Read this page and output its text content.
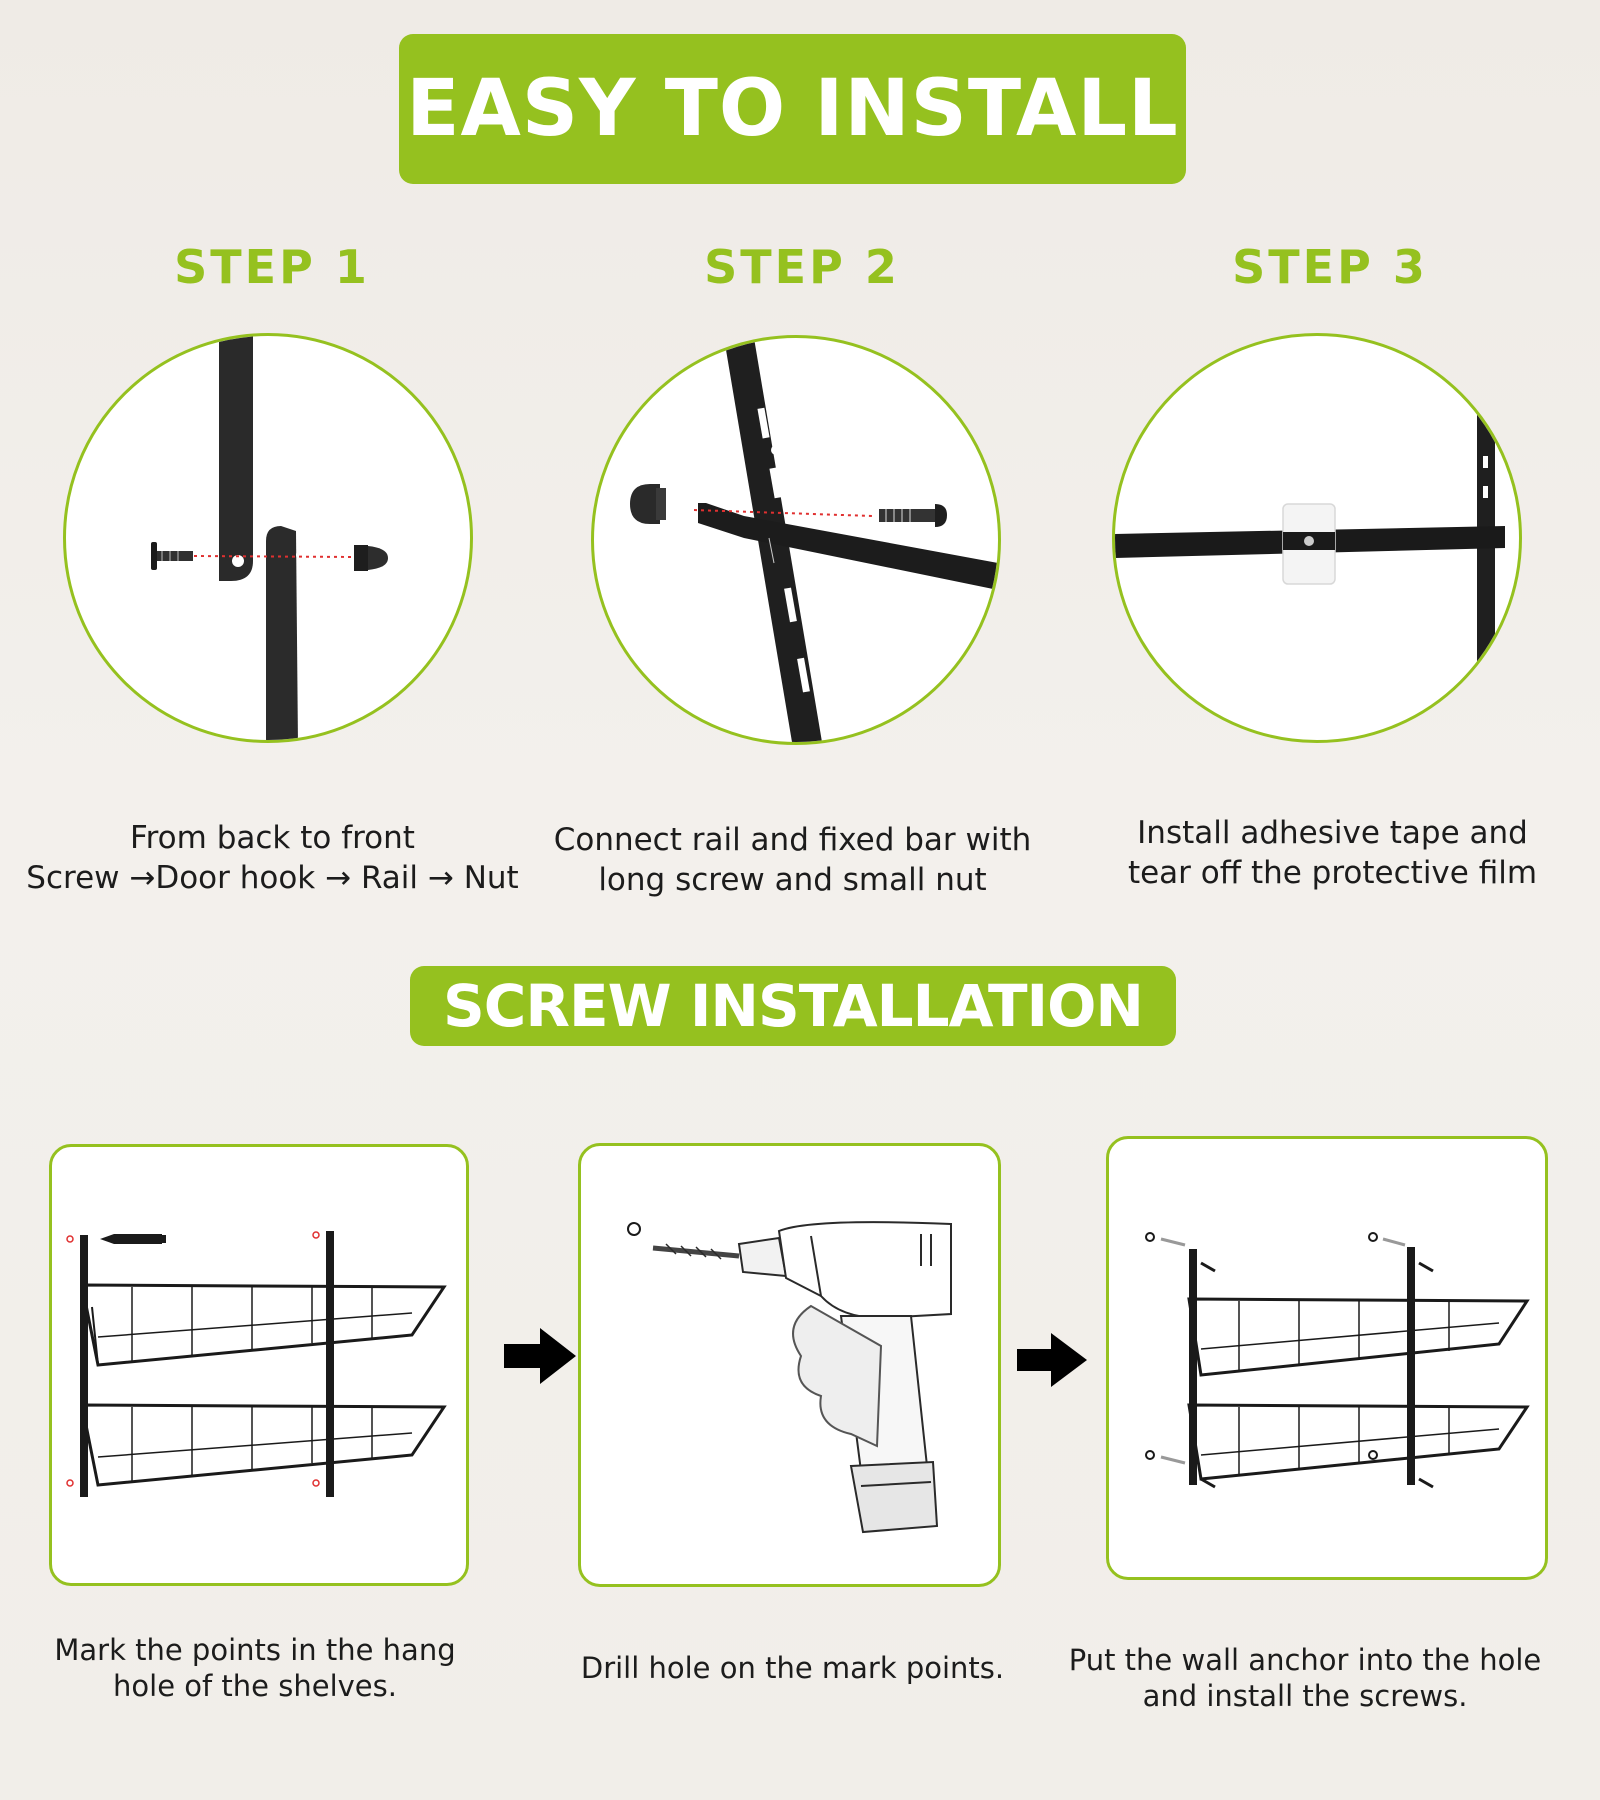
EASY TO INSTALL
STEP 1	STEP 2	STEP 3
From back to front
Screw →Door hook → Rail → Nut
Connect rail and fixed bar with
long screw and small nut
Install adhesive tape and
tear off the protective film
SCREW INSTALLATION
Mark the points in the hang
hole of the shelves.
Drill hole on the mark points.	Put the wall anchor into the hole
and install the screws.
